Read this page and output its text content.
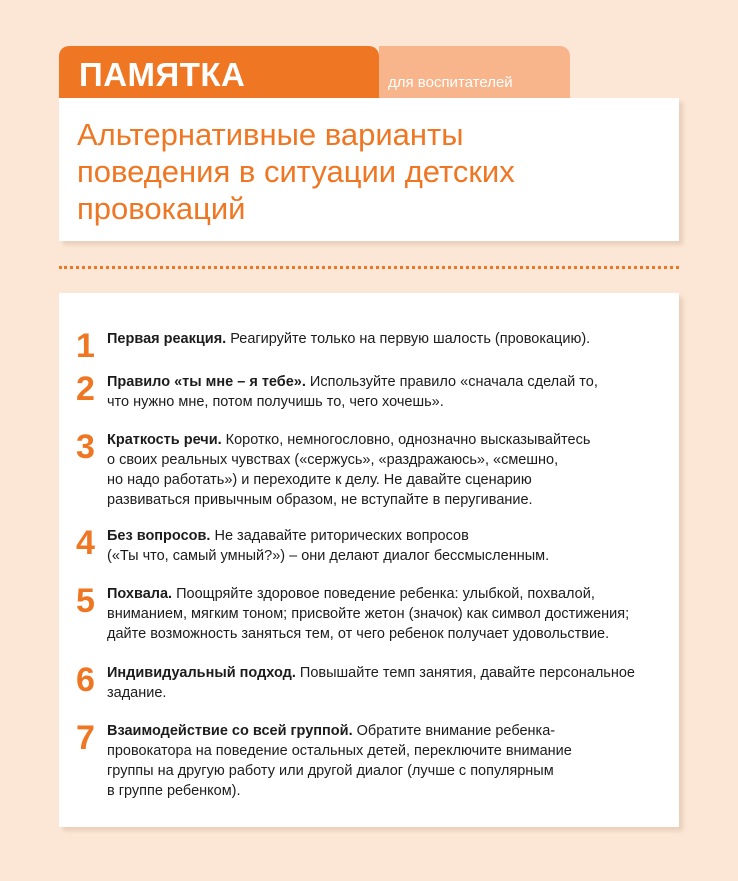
ПАМЯТКА	для воспитателей
Альтернативные варианты
поведения в ситуации детских
провокаций
1 Первая реакция. Реагируйте только на первую шалость (провокацию).

2 Правило «ты мне – я тебе». Используйте правило «сначала сделай то,
что нужно мне, потом получишь то, чего хочешь».

3 Краткость речи. Коротко, немногословно, однозначно высказывайтесь
о своих реальных чувствах («сержусь», «раздражаюсь», «смешно,
но надо работать») и переходите к делу. Не давайте сценарию
развиваться привычным образом, не вступайте в перугивание.

4 Без вопросов. Не задавайте риторических вопросов
(«Ты что, самый умный?») – они делают диалог бессмысленным.

5 Похвала. Поощряйте здоровое поведение ребенка: улыбкой, похвалой,
вниманием, мягким тоном; присвойте жетон (значок) как символ достижения;
дайте возможность заняться тем, от чего ребенок получает удовольствие.

6 Индивидуальный подход. Повышайте темп занятия, давайте персональное
задание.

7 Взаимодействие со всей группой. Обратите внимание ребенка-
провокатора на поведение остальных детей, переключите внимание
группы на другую работу или другой диалог (лучше с популярным
в группе ребенком).
